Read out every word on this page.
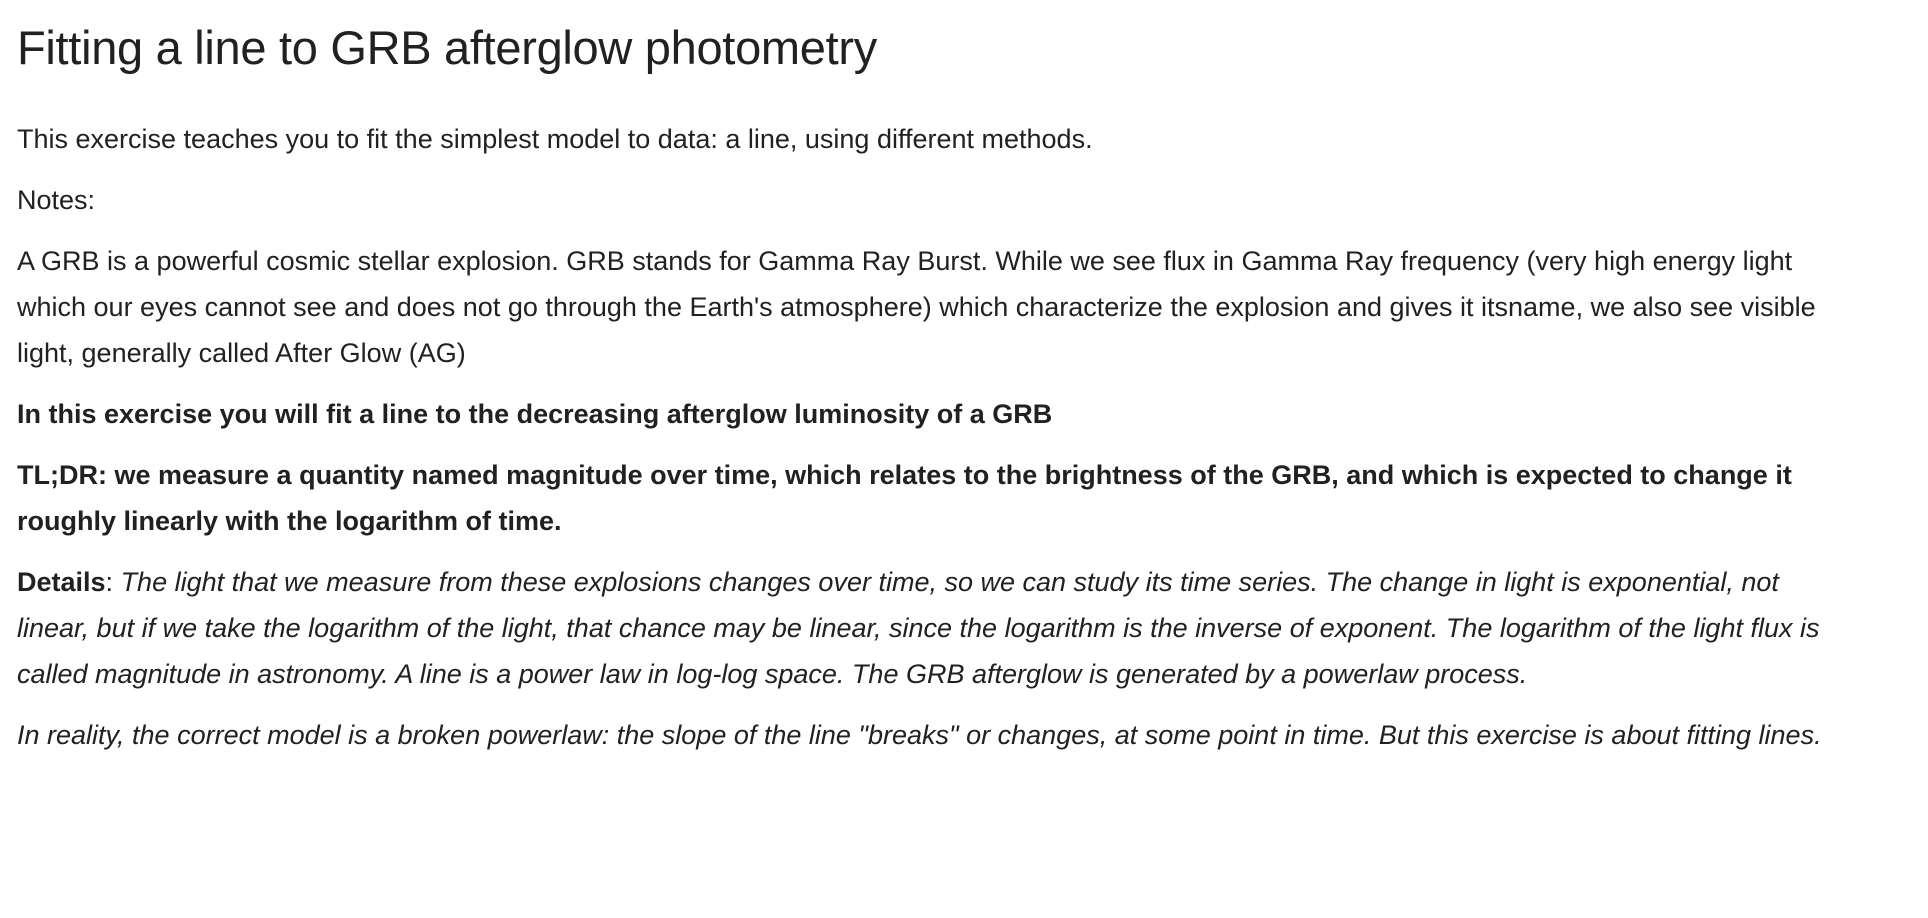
Fitting a line to GRB afterglow photometry

This exercise teaches you to fit the simplest model to data: a line, using different methods.

Notes:

A GRB is a powerful cosmic stellar explosion. GRB stands for Gamma Ray Burst. While we see flux in Gamma Ray frequency (very high energy light which our eyes cannot see and does not go through the Earth's atmosphere) which characterize the explosion and gives it itsname, we also see visible light, generally called After Glow (AG)

In this exercise you will fit a line to the decreasing afterglow luminosity of a GRB

TL;DR: we measure a quantity named magnitude over time, which relates to the brightness of the GRB, and which is expected to change it roughly linearly with the logarithm of time.

Details: The light that we measure from these explosions changes over time, so we can study its time series. The change in light is exponential, not linear, but if we take the logarithm of the light, that chance may be linear, since the logarithm is the inverse of exponent. The logarithm of the light flux is called magnitude in astronomy. A line is a power law in log-log space. The GRB afterglow is generated by a powerlaw process.

In reality, the correct model is a broken powerlaw: the slope of the line "breaks" or changes, at some point in time. But this exercise is about fitting lines.
